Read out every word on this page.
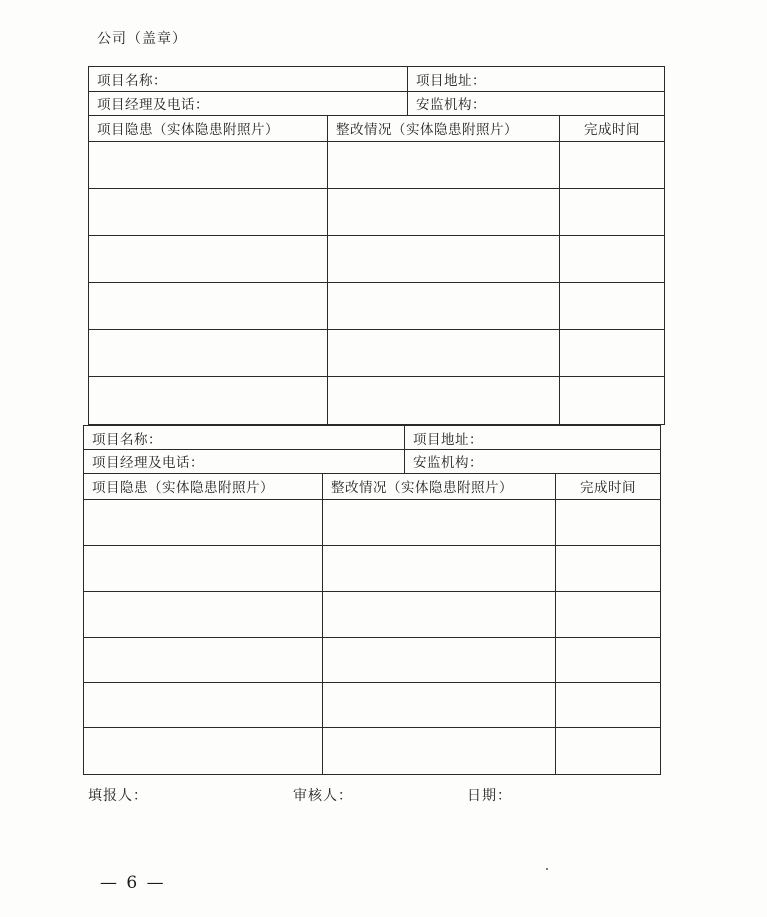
公司（盖章）
项目名称：	项目地址：
项目经理及电话：	安监机构：
项目隐患（实体隐患附照片）	整改情况（实体隐患附照片）	完成时间
项目名称：	项目地址：
项目经理及电话：	安监机构：
项目隐患（实体隐患附照片）	整改情况（实体隐患附照片）	完成时间
填报人：	审核人：	日期：
— 6 —
